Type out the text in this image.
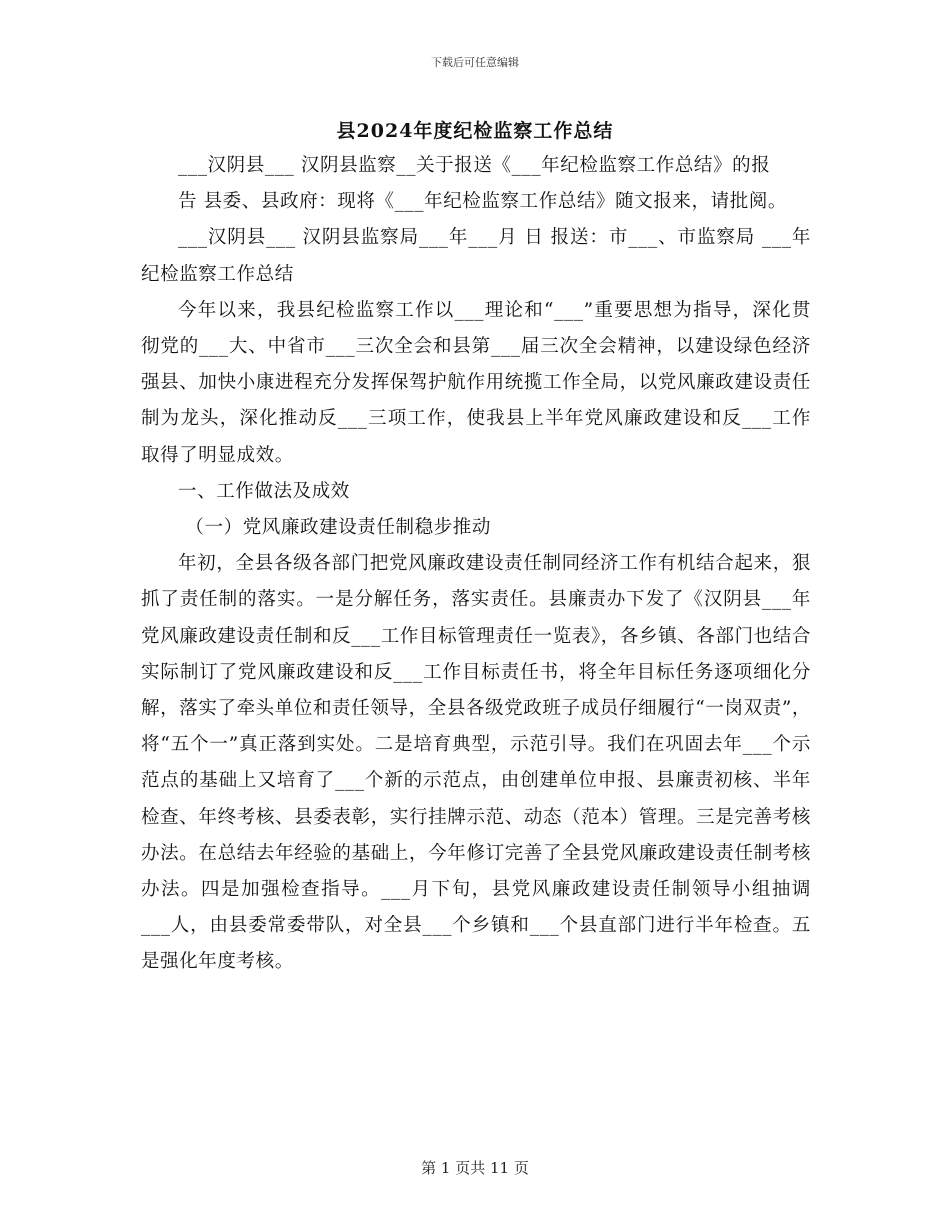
下载后可任意编辑
县2024年度纪检监察工作总结

___汉阴县___ 汉阴县监察__关于报送《___年纪检监察工作总结》的报

告 县委、县政府：现将《___年纪检监察工作总结》随文报来，请批阅。

___汉阴县___ 汉阴县监察局___年___月 日 报送：市___、市监察局 ___年纪检监察工作总结

今年以来，我县纪检监察工作以___理论和“___”重要思想为指导，深化贯彻党的___大、中省市___三次全会和县第___届三次全会精神，以建设绿色经济强县、加快小康进程充分发挥保驾护航作用统揽工作全局，以党风廉政建设责任制为龙头，深化推动反___三项工作，使我县上半年党风廉政建设和反___工作取得了明显成效。

一、工作做法及成效

（一）党风廉政建设责任制稳步推动

年初，全县各级各部门把党风廉政建设责任制同经济工作有机结合起来，狠抓了责任制的落实。一是分解任务，落实责任。县廉责办下发了《汉阴县___年党风廉政建设责任制和反___工作目标管理责任一览表》，各乡镇、各部门也结合实际制订了党风廉政建设和反___工作目标责任书，将全年目标任务逐项细化分解，落实了牵头单位和责任领导，全县各级党政班子成员仔细履行“一岗双责”，将“五个一”真正落到实处。二是培育典型，示范引导。我们在巩固去年___个示范点的基础上又培育了___个新的示范点，由创建单位申报、县廉责初核、半年检查、年终考核、县委表彰，实行挂牌示范、动态（范本）管理。三是完善考核办法。在总结去年经验的基础上，今年修订完善了全县党风廉政建设责任制考核办法。四是加强检查指导。___月下旬，县党风廉政建设责任制领导小组抽调___人，由县委常委带队，对全县___个乡镇和___个县直部门进行半年检查。五是强化年度考核。

第 1 页共 11 页
